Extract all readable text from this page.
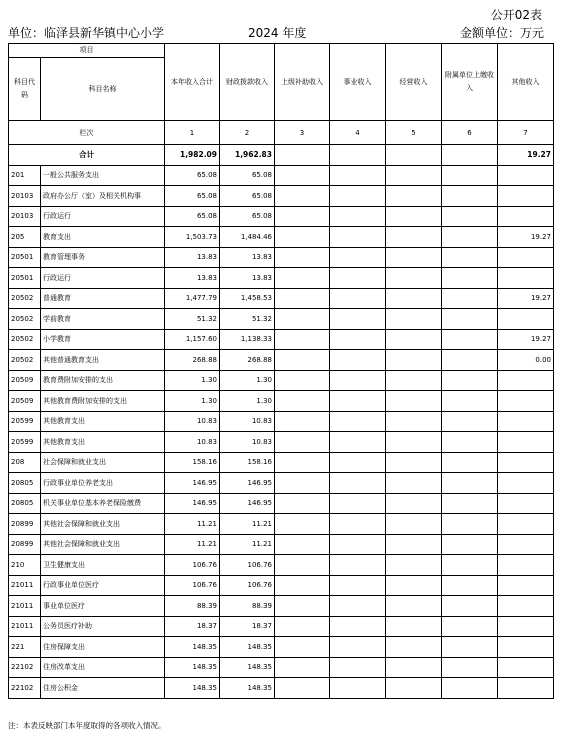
公开02表
单位：临泽县新华镇中心小学	2024 年度	金额单位：万元
项目		本年收入合计	财政拨款收入	上级补助收入	事业收入	经营收入	附属单位上缴收入	其他收入
科目代码	科目名称							
栏次		1	2	3	4	5	6	7
合计		1,982.09	1,962.83					19.27
201	一般公共服务支出	65.08	65.08					
20103	政府办公厅（室）及相关机构事	65.08	65.08					
20103	行政运行	65.08	65.08					
205	教育支出	1,503.73	1,484.46					19.27
20501	教育管理事务	13.83	13.83					
20501	行政运行	13.83	13.83					
20502	普通教育	1,477.79	1,458.53					19.27
20502	学前教育	51.32	51.32					
20502	小学教育	1,157.60	1,138.33					19.27
20502	其他普通教育支出	268.88	268.88					0.00
20509	教育费附加安排的支出	1.30	1.30					
20509	其他教育费附加安排的支出	1.30	1.30					
20599	其他教育支出	10.83	10.83					
20599	其他教育支出	10.83	10.83					
208	社会保障和就业支出	158.16	158.16					
20805	行政事业单位养老支出	146.95	146.95					
20805	机关事业单位基本养老保险缴费	146.95	146.95					
20899	其他社会保障和就业支出	11.21	11.21					
20899	其他社会保障和就业支出	11.21	11.21					
210	卫生健康支出	106.76	106.76					
21011	行政事业单位医疗	106.76	106.76					
21011	事业单位医疗	88.39	88.39					
21011	公务员医疗补助	18.37	18.37					
221	住房保障支出	148.35	148.35					
22102	住房改革支出	148.35	148.35					
22102	住房公积金	148.35	148.35					
注：本表反映部门本年度取得的各项收入情况。
